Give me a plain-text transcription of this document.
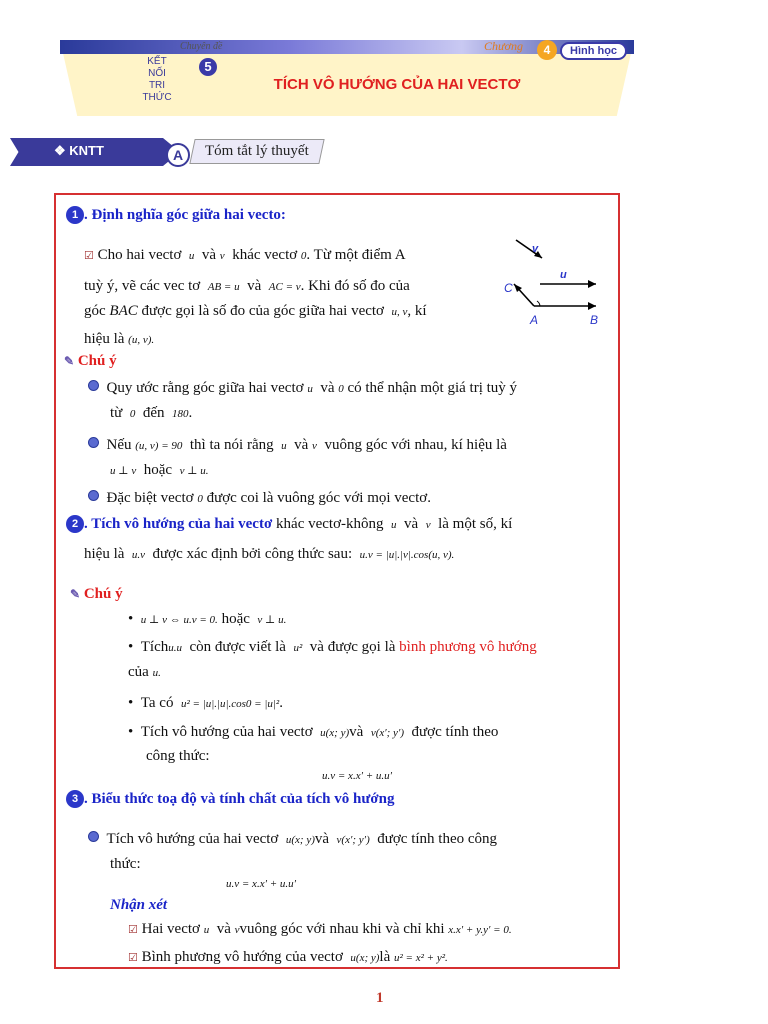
Chuyên đề
KẾT
NỐI
TRI
THỨC
5
TÍCH VÔ HƯỚNG CỦA HAI VECTƠ
Chương	4	Hình học
❖ KNTT	A	Tóm tắt lý thuyết
1 . Định nghĩa góc giữa hai vecto:
☑ Cho hai vectơ u và v khác vectơ 0. Từ một điểm A
tuỳ ý, vẽ các vec tơ AB = u và AC = v. Khi đó số đo của
góc BAC được gọi là số đo của góc giữa hai vectơ u, v, kí
hiệu là (u, v).
v
u
C
A	B
✎ Chú ý
Quy ước rằng góc giữa hai vectơ u và 0 có thể nhận một giá trị tuỳ ý
từ 0 đến 180.
Nếu (u, v) = 90 thì ta nói rằng u và v vuông góc với nhau, kí hiệu là
u ⊥ v hoặc v ⊥ u.
Đặc biệt vectơ 0 được coi là vuông góc với mọi vectơ.
2 . Tích vô hướng của hai vectơ khác vectơ-không u và v là một số, kí
hiệu là u.v được xác định bởi công thức sau: u.v = |u|.|v|.cos(u, v).
✎ Chú ý
•  u ⊥ v ⇔ u.v = 0. hoặc v ⊥ u.
•  Tíchu.u còn được viết là u² và được gọi là bình phương vô hướng
của u.
•  Ta có u² = |u|.|u|.cos0 = |u|².
•  Tích vô hướng của hai vectơ u(x; y)và v(x′; y′) được tính theo
công thức:
u.v = x.x′ + u.u′
3 . Biểu thức toạ độ và tính chất của tích vô hướng
Tích vô hướng của hai vectơ u(x; y)và v(x′; y′) được tính theo công
thức:
u.v = x.x′ + u.u′
Nhận xét
☑ Hai vectơ u và vvuông góc với nhau khi và chỉ khi x.x′ + y.y′ = 0.
☑ Bình phương vô hướng của vectơ u(x; y)là u² = x² + y².
1
